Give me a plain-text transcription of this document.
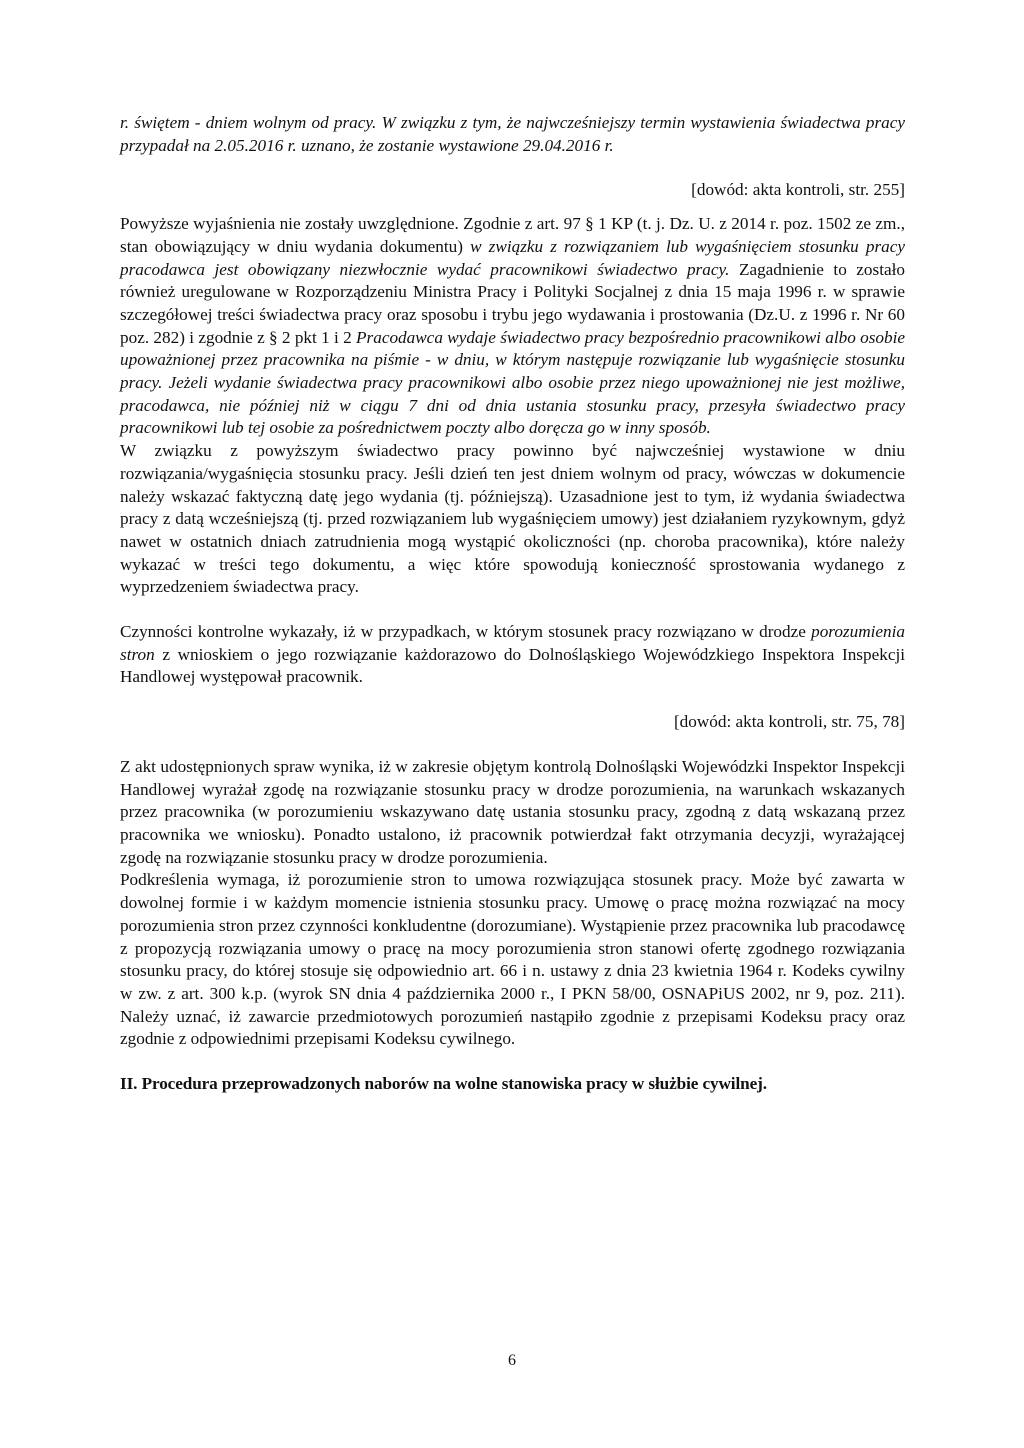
r. świętem - dniem wolnym od pracy. W związku z tym, że najwcześniejszy termin wystawienia świadectwa pracy przypadał na 2.05.2016 r. uznano, że zostanie wystawione 29.04.2016 r.

[dowód: akta kontroli, str. 255]

Powyższe wyjaśnienia nie zostały uwzględnione. Zgodnie z art. 97 § 1 KP (t. j. Dz. U. z 2014 r. poz. 1502 ze zm., stan obowiązujący w dniu wydania dokumentu) w związku z rozwiązaniem lub wygaśnięciem stosunku pracy pracodawca jest obowiązany niezwłocznie wydać pracownikowi świadectwo pracy. Zagadnienie to zostało również uregulowane w Rozporządzeniu Ministra Pracy i Polityki Socjalnej z dnia 15 maja 1996 r. w sprawie szczegółowej treści świadectwa pracy oraz sposobu i trybu jego wydawania i prostowania (Dz.U. z 1996 r. Nr 60 poz. 282) i zgodnie z § 2 pkt 1 i 2 Pracodawca wydaje świadectwo pracy bezpośrednio pracownikowi albo osobie upoważnionej przez pracownika na piśmie - w dniu, w którym następuje rozwiązanie lub wygaśnięcie stosunku pracy. Jeżeli wydanie świadectwa pracy pracownikowi albo osobie przez niego upoważnionej nie jest możliwe, pracodawca, nie później niż w ciągu 7 dni od dnia ustania stosunku pracy, przesyła świadectwo pracy pracownikowi lub tej osobie za pośrednictwem poczty albo doręcza go w inny sposób.

W związku z powyższym świadectwo pracy powinno być najwcześniej wystawione w dniu rozwiązania/wygaśnięcia stosunku pracy. Jeśli dzień ten jest dniem wolnym od pracy, wówczas w dokumencie należy wskazać faktyczną datę jego wydania (tj. późniejszą). Uzasadnione jest to tym, iż wydania świadectwa pracy z datą wcześniejszą (tj. przed rozwiązaniem lub wygaśnięciem umowy) jest działaniem ryzykownym, gdyż nawet w ostatnich dniach zatrudnienia mogą wystąpić okoliczności (np. choroba pracownika), które należy wykazać w treści tego dokumentu, a więc które spowodują konieczność sprostowania wydanego z wyprzedzeniem świadectwa pracy.

Czynności kontrolne wykazały, iż w przypadkach, w którym stosunek pracy rozwiązano w drodze porozumienia stron z wnioskiem o jego rozwiązanie każdorazowo do Dolnośląskiego Wojewódzkiego Inspektora Inspekcji Handlowej występował pracownik.

[dowód: akta kontroli, str. 75, 78]

Z akt udostępnionych spraw wynika, iż w zakresie objętym kontrolą Dolnośląski Wojewódzki Inspektor Inspekcji Handlowej wyrażał zgodę na rozwiązanie stosunku pracy w drodze porozumienia, na warunkach wskazanych przez pracownika (w porozumieniu wskazywano datę ustania stosunku pracy, zgodną z datą wskazaną przez pracownika we wniosku). Ponadto ustalono, iż pracownik potwierdzał fakt otrzymania decyzji, wyrażającej zgodę na rozwiązanie stosunku pracy w drodze porozumienia.

Podkreślenia wymaga, iż porozumienie stron to umowa rozwiązująca stosunek pracy. Może być zawarta w dowolnej formie i w każdym momencie istnienia stosunku pracy. Umowę o pracę można rozwiązać na mocy porozumienia stron przez czynności konkludentne (dorozumiane). Wystąpienie przez pracownika lub pracodawcę z propozycją rozwiązania umowy o pracę na mocy porozumienia stron stanowi ofertę zgodnego rozwiązania stosunku pracy, do której stosuje się odpowiednio art. 66 i n. ustawy z dnia 23 kwietnia 1964 r. Kodeks cywilny w zw. z art. 300 k.p. (wyrok SN dnia 4 października 2000 r., I PKN 58/00, OSNAPiUS 2002, nr 9, poz. 211). Należy uznać, iż zawarcie przedmiotowych porozumień nastąpiło zgodnie z przepisami Kodeksu pracy oraz zgodnie z odpowiednimi przepisami Kodeksu cywilnego.

II. Procedura przeprowadzonych naborów na wolne stanowiska pracy w służbie cywilnej.

6
